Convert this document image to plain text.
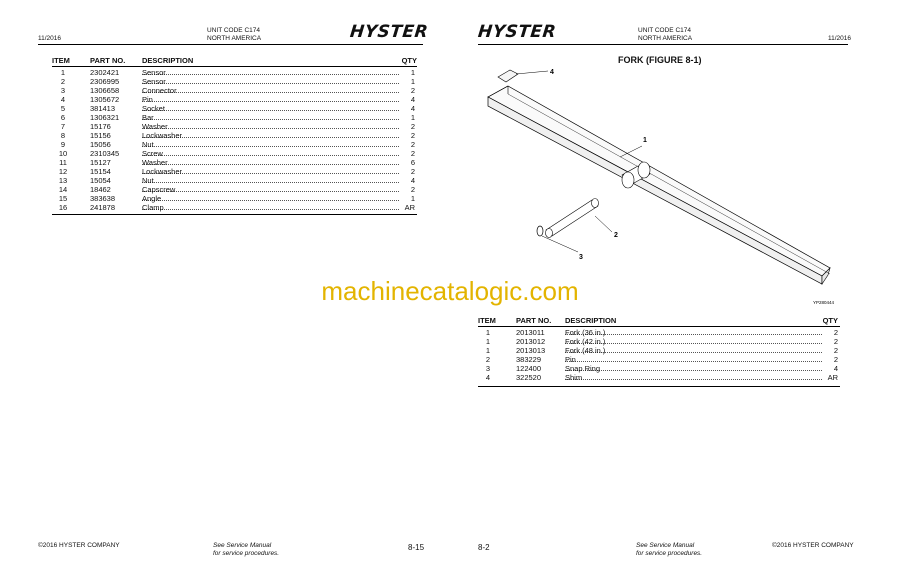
11/2016
UNIT CODE C174
NORTH AMERICA	HYSTER
ITEM	PART NO. DESCRIPTION	QTY
1	2302421	Sensor	1
2	2306995	Sensor	1
3	1306658	Connector	2
4	1305672	Pin	4
5	381413	Socket	4
6	1306321	Bar	1
7	15176	Washer	2
8	15156	Lockwasher	2
9	15056	Nut	2
10	2310345	Screw	2
11	15127	Washer	6
12	15154	Lockwasher	2
13	15054	Nut	4
14	18462	Capscrew	2
15	383638	Angle	1
16	241878	Clamp	AR
©2016 HYSTER COMPANY	See Service Manual
for service procedures.
8-15
HYSTER	UNIT CODE C174
NORTH AMERICA	11/2016
FORK (FIGURE 8-1)
4
1
2
3
YP280444
ITEM	PART NO. DESCRIPTION	QTY
1	2013011	Fork (36 in.)	2
1	2013012	Fork (42 in.)	2
1	2013013	Fork (48 in.)	2
2	383229	Pin	2
3	122400	Snap Ring	4
4	322520	Shim	AR
8-2	See Service Manual
for service procedures.
©2016 HYSTER COMPANY
machinecatalogic.com
